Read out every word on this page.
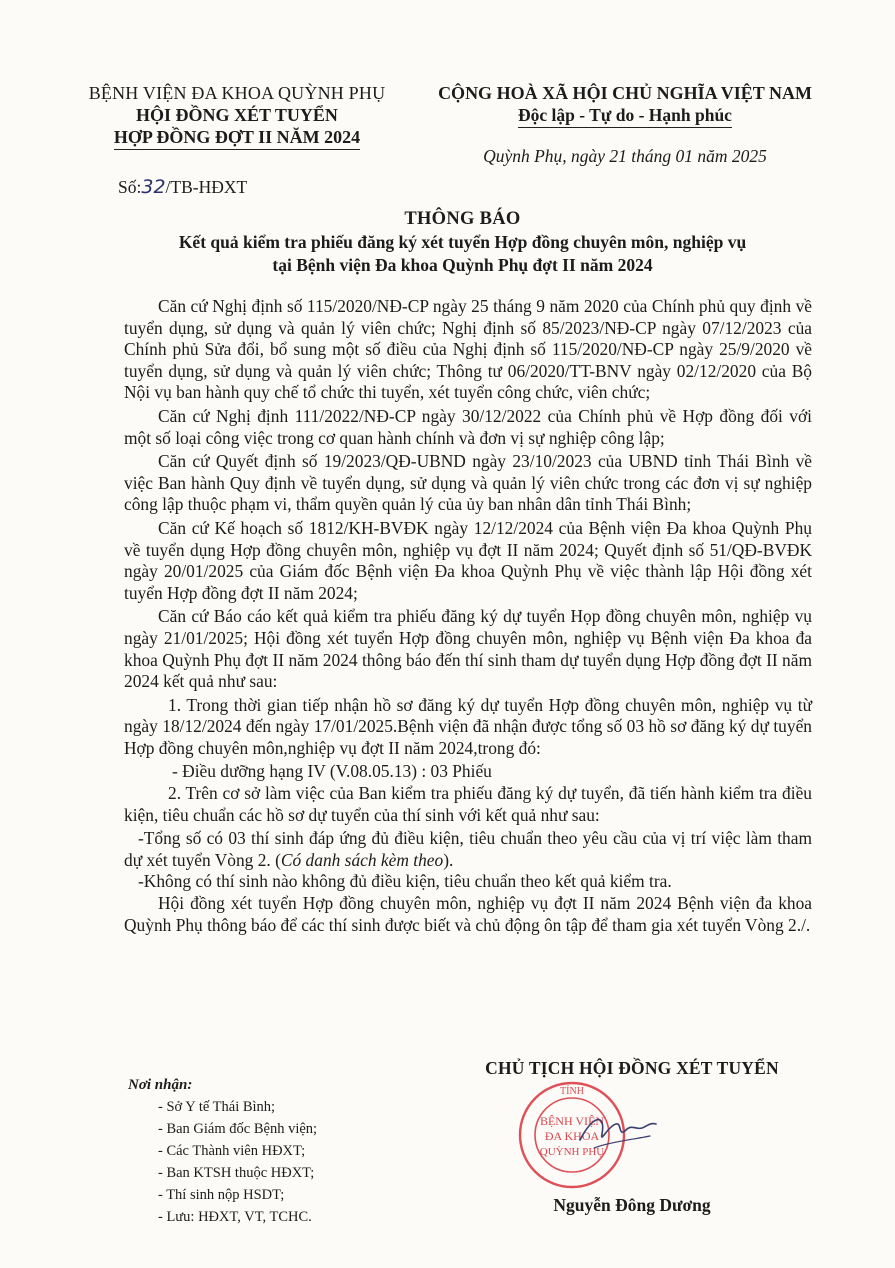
BỆNH VIỆN ĐA KHOA QUỲNH PHỤ
HỘI ĐỒNG XÉT TUYỂN
HỢP ĐỒNG ĐỢT II NĂM 2024
CỘNG HOÀ XÃ HỘI CHỦ NGHĨA VIỆT NAM
Độc lập - Tự do - Hạnh phúc
Quỳnh Phụ, ngày 21 tháng 01 năm 2025
Số:32/TB-HĐXT
THÔNG BÁO
Kết quả kiểm tra phiếu đăng ký xét tuyển Hợp đồng chuyên môn, nghiệp vụ
tại Bệnh viện Đa khoa Quỳnh Phụ đợt II năm 2024

Căn cứ Nghị định số 115/2020/NĐ-CP ngày 25 tháng 9 năm 2020 của Chính phủ quy định về tuyển dụng, sử dụng và quản lý viên chức; Nghị định số 85/2023/NĐ-CP ngày 07/12/2023 của Chính phủ Sửa đổi, bổ sung một số điều của Nghị định số 115/2020/NĐ-CP ngày 25/9/2020 về tuyển dụng, sử dụng và quản lý viên chức; Thông tư 06/2020/TT-BNV ngày 02/12/2020 của Bộ Nội vụ ban hành quy chế tổ chức thi tuyển, xét tuyển công chức, viên chức;

Căn cứ Nghị định 111/2022/NĐ-CP ngày 30/12/2022 của Chính phủ về Hợp đồng đối với một số loại công việc trong cơ quan hành chính và đơn vị sự nghiệp công lập;

Căn cứ Quyết định số 19/2023/QĐ-UBND ngày 23/10/2023 của UBND tỉnh Thái Bình về việc Ban hành Quy định về tuyển dụng, sử dụng và quản lý viên chức trong các đơn vị sự nghiệp công lập thuộc phạm vi, thẩm quyền quản lý của ủy ban nhân dân tỉnh Thái Bình;

Căn cứ Kế hoạch số 1812/KH-BVĐK ngày 12/12/2024 của Bệnh viện Đa khoa Quỳnh Phụ về tuyển dụng Hợp đồng chuyên môn, nghiệp vụ đợt II năm 2024; Quyết định số 51/QĐ-BVĐK ngày 20/01/2025 của Giám đốc Bệnh viện Đa khoa Quỳnh Phụ về việc thành lập Hội đồng xét tuyển Hợp đồng đợt II năm 2024;

Căn cứ Báo cáo kết quả kiểm tra phiếu đăng ký dự tuyển Họp đồng chuyên môn, nghiệp vụ ngày 21/01/2025; Hội đồng xét tuyển Hợp đồng chuyên môn, nghiệp vụ Bệnh viện Đa khoa đa khoa Quỳnh Phụ đợt II năm 2024 thông báo đến thí sinh tham dự tuyển dụng Hợp đồng đợt II năm 2024 kết quả như sau:

1. Trong thời gian tiếp nhận hồ sơ đăng ký dự tuyển Hợp đồng chuyên môn, nghiệp vụ từ ngày 18/12/2024 đến ngày 17/01/2025.Bệnh viện đã nhận được tổng số 03 hồ sơ đăng ký dự tuyển Hợp đồng chuyên môn,nghiệp vụ đợt II năm 2024,trong đó:

- Điều dưỡng hạng IV (V.08.05.13) : 03 Phiếu

2. Trên cơ sở làm việc của Ban kiểm tra phiếu đăng ký dự tuyển, đã tiến hành kiểm tra điều kiện, tiêu chuẩn các hồ sơ dự tuyển của thí sinh với kết quả như sau:

-Tổng số có 03 thí sinh đáp ứng đủ điều kiện, tiêu chuẩn theo yêu cầu của vị trí việc làm tham dự xét tuyển Vòng 2. (Có danh sách kèm theo).

-Không có thí sinh nào không đủ điều kiện, tiêu chuẩn theo kết quả kiểm tra.

Hội đồng xét tuyển Hợp đồng chuyên môn, nghiệp vụ đợt II năm 2024 Bệnh viện đa khoa Quỳnh Phụ thông báo để các thí sinh được biết và chủ động ôn tập để tham gia xét tuyển Vòng 2./.

Nơi nhận:
- Sở Y tế Thái Bình;
- Ban Giám đốc Bệnh viện;
- Các Thành viên HĐXT;
- Ban KTSH thuộc HĐXT;
- Thí sinh nộp HSDT;
- Lưu: HĐXT, VT, TCHC.
CHỦ TỊCH HỘI ĐỒNG XÉT TUYỂN
TỈNH
BỆNH VIỆN
ĐA KHOA
QUỲNH PHỤ
Nguyễn Đông Dương
